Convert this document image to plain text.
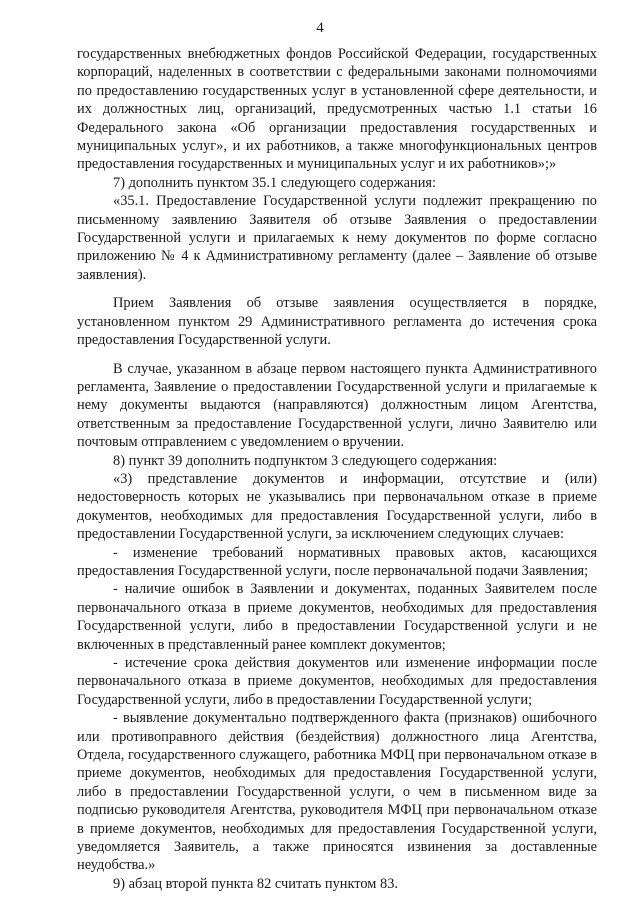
4

государственных внебюджетных фондов Российской Федерации, государственных корпораций, наделенных в соответствии с федеральными законами полномочиями по предоставлению государственных услуг в установленной сфере деятельности, и их должностных лиц, организаций, предусмотренных частью 1.1 статьи 16 Федерального закона «Об организации предоставления государственных и муниципальных услуг», и их работников, а также многофункциональных центров предоставления государственных и муниципальных услуг и их работников»;»

7) дополнить пунктом 35.1 следующего содержания:

«35.1. Предоставление Государственной услуги подлежит прекращению по письменному заявлению Заявителя об отзыве Заявления о предоставлении Государственной услуги и прилагаемых к нему документов по форме согласно приложению № 4 к Административному регламенту (далее – Заявление об отзыве заявления).

Прием Заявления об отзыве заявления осуществляется в порядке, установленном пунктом 29 Административного регламента до истечения срока предоставления Государственной услуги.

В случае, указанном в абзаце первом настоящего пункта Административного регламента, Заявление о предоставлении Государственной услуги и прилагаемые к нему документы выдаются (направляются) должностным лицом Агентства, ответственным за предоставление Государственной услуги, лично Заявителю или почтовым отправлением с уведомлением о вручении.

8) пункт 39 дополнить подпунктом 3 следующего содержания:

«3) представление документов и информации, отсутствие и (или) недостоверность которых не указывались при первоначальном отказе в приеме документов, необходимых для предоставления Государственной услуги, либо в предоставлении Государственной услуги, за исключением следующих случаев:

- изменение требований нормативных правовых актов, касающихся предоставления Государственной услуги, после первоначальной подачи Заявления;

- наличие ошибок в Заявлении и документах, поданных Заявителем после первоначального отказа в приеме документов, необходимых для предоставления Государственной услуги, либо в предоставлении Государственной услуги и не включенных в представленный ранее комплект документов;

- истечение срока действия документов или изменение информации после первоначального отказа в приеме документов, необходимых для предоставления Государственной услуги, либо в предоставлении Государственной услуги;

- выявление документально подтвержденного факта (признаков) ошибочного или противоправного действия (бездействия) должностного лица Агентства, Отдела, государственного служащего, работника МФЦ при первоначальном отказе в приеме документов, необходимых для предоставления Государственной услуги, либо в предоставлении Государственной услуги, о чем в письменном виде за подписью руководителя Агентства, руководителя МФЦ при первоначальном отказе в приеме документов, необходимых для предоставления Государственной услуги, уведомляется Заявитель, а также приносятся извинения за доставленные неудобства.»

9) абзац второй пункта 82 считать пунктом 83.
